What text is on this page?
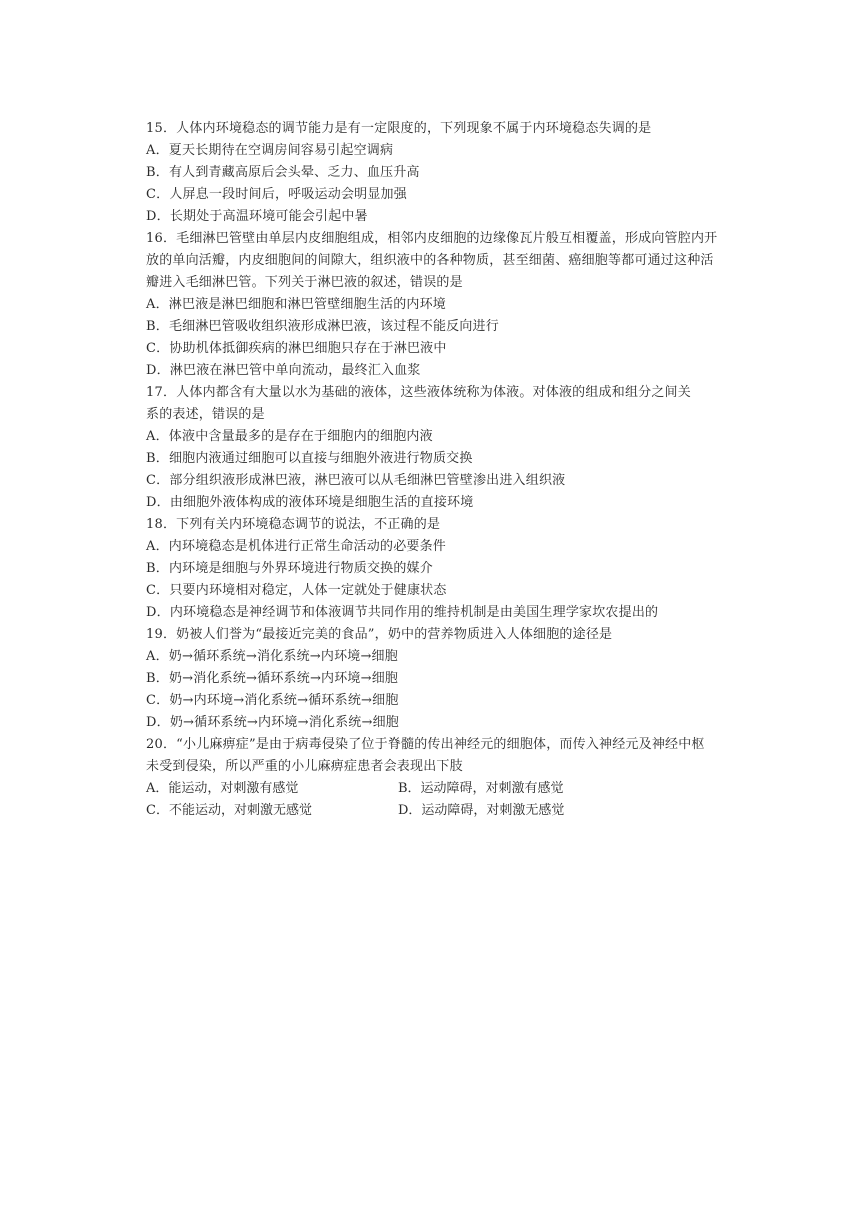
15．人体内环境稳态的调节能力是有一定限度的，下列现象不属于内环境稳态失调的是
A．夏天长期待在空调房间容易引起空调病
B．有人到青藏高原后会头晕、乏力、血压升高
C．人屏息一段时间后，呼吸运动会明显加强
D．长期处于高温环境可能会引起中暑
16．毛细淋巴管壁由单层内皮细胞组成，相邻内皮细胞的边缘像瓦片般互相覆盖，形成向管腔内开
放的单向活瓣，内皮细胞间的间隙大，组织液中的各种物质，甚至细菌、癌细胞等都可通过这种活
瓣进入毛细淋巴管。下列关于淋巴液的叙述，错误的是
A．淋巴液是淋巴细胞和淋巴管壁细胞生活的内环境
B．毛细淋巴管吸收组织液形成淋巴液，该过程不能反向进行
C．协助机体抵御疾病的淋巴细胞只存在于淋巴液中
D．淋巴液在淋巴管中单向流动，最终汇入血浆
17．人体内都含有大量以水为基础的液体，这些液体统称为体液。对体液的组成和组分之间关
系的表述，错误的是
A．体液中含量最多的是存在于细胞内的细胞内液
B．细胞内液通过细胞可以直接与细胞外液进行物质交换
C．部分组织液形成淋巴液，淋巴液可以从毛细淋巴管壁渗出进入组织液
D．由细胞外液体构成的液体环境是细胞生活的直接环境
18．下列有关内环境稳态调节的说法，不正确的是
A．内环境稳态是机体进行正常生命活动的必要条件
B．内环境是细胞与外界环境进行物质交换的媒介
C．只要内环境相对稳定，人体一定就处于健康状态
D．内环境稳态是神经调节和体液调节共同作用的维持机制是由美国生理学家坎农提出的
19．奶被人们誉为“最接近完美的食品”，奶中的营养物质进入人体细胞的途径是
A．奶→循环系统→消化系统→内环境→细胞
B．奶→消化系统→循环系统→内环境→细胞
C．奶→内环境→消化系统→循环系统→细胞
D．奶→循环系统→内环境→消化系统→细胞
20．“小儿麻痹症”是由于病毒侵染了位于脊髓的传出神经元的细胞体，而传入神经元及神经中枢
未受到侵染，所以严重的小儿麻痹症患者会表现出下肢
A．能运动，对刺激有感觉	B．运动障碍，对刺激有感觉
C．不能运动，对刺激无感觉	D．运动障碍，对刺激无感觉
